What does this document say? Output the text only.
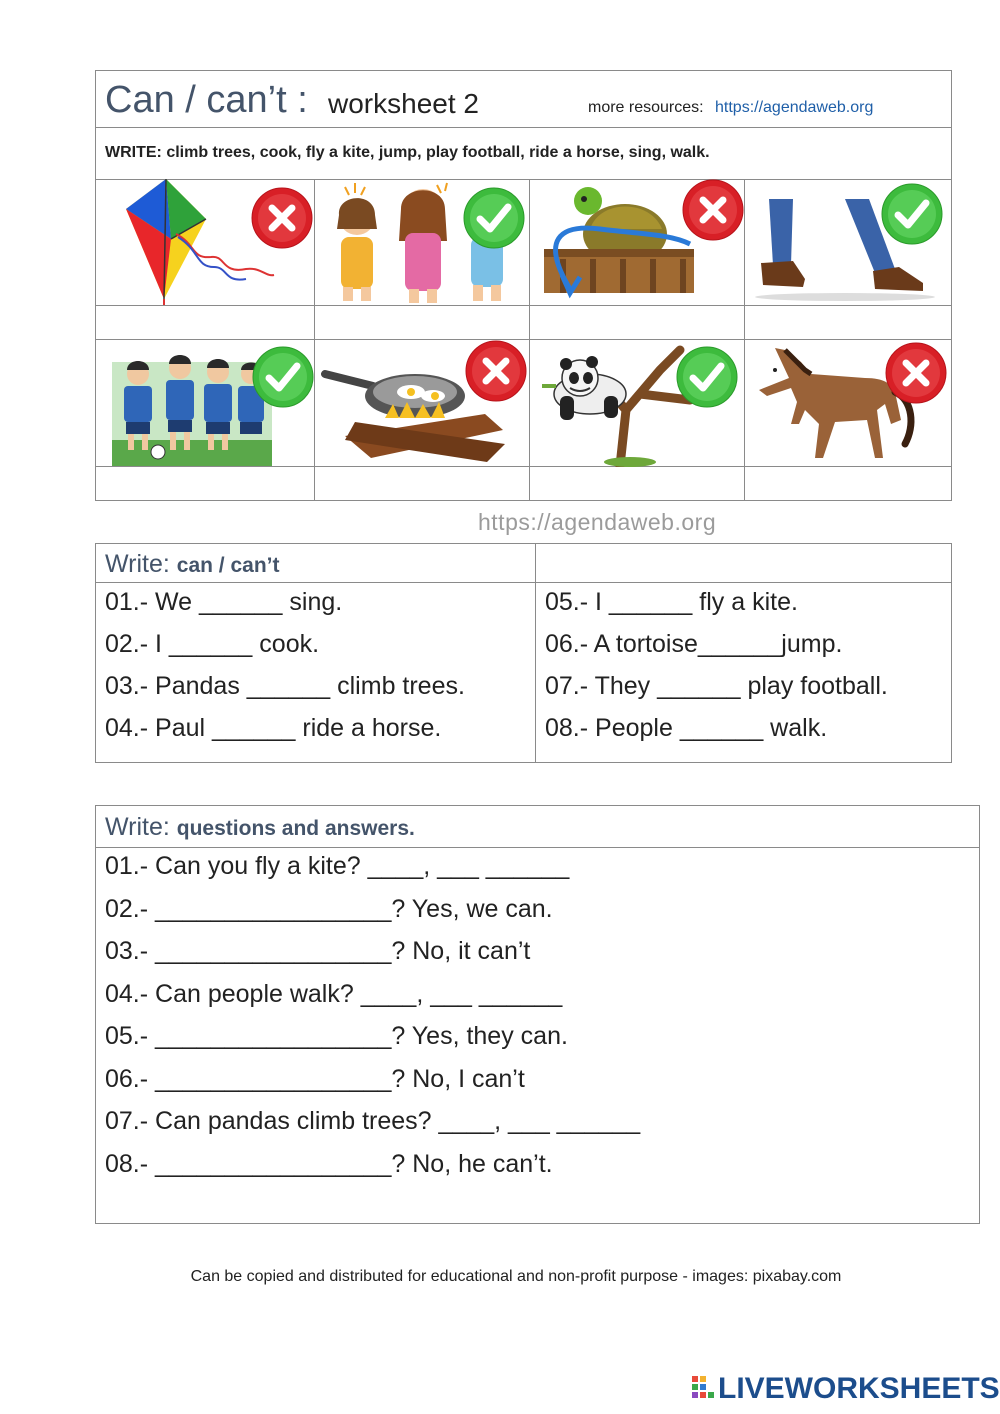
Can / can’t : worksheet 2	more resources: https://agendaweb.org
WRITE: climb trees, cook, fly a kite, jump, play football, ride a horse, sing, walk.
https://agendaweb.org
Write: can / can’t
01.- We ______ sing.
02.- I ______ cook.
03.- Pandas ______ climb trees.
04.- Paul ______ ride a horse.
05.- I ______ fly a kite.
06.- A tortoise______jump.
07.- They ______ play football.
08.- People ______ walk.
Write: questions and answers.
01.- Can you fly a kite? ____, ___ ______
02.- _________________? Yes, we can.
03.- _________________? No, it can’t
04.- Can people walk? ____, ___ ______
05.- _________________? Yes, they can.
06.- _________________? No, I can’t
07.- Can pandas climb trees? ____, ___ ______
08.- _________________? No, he can’t.
Can be copied and distributed for educational and non-profit purpose - images: pixabay.com
LIVEWORKSHEETS
